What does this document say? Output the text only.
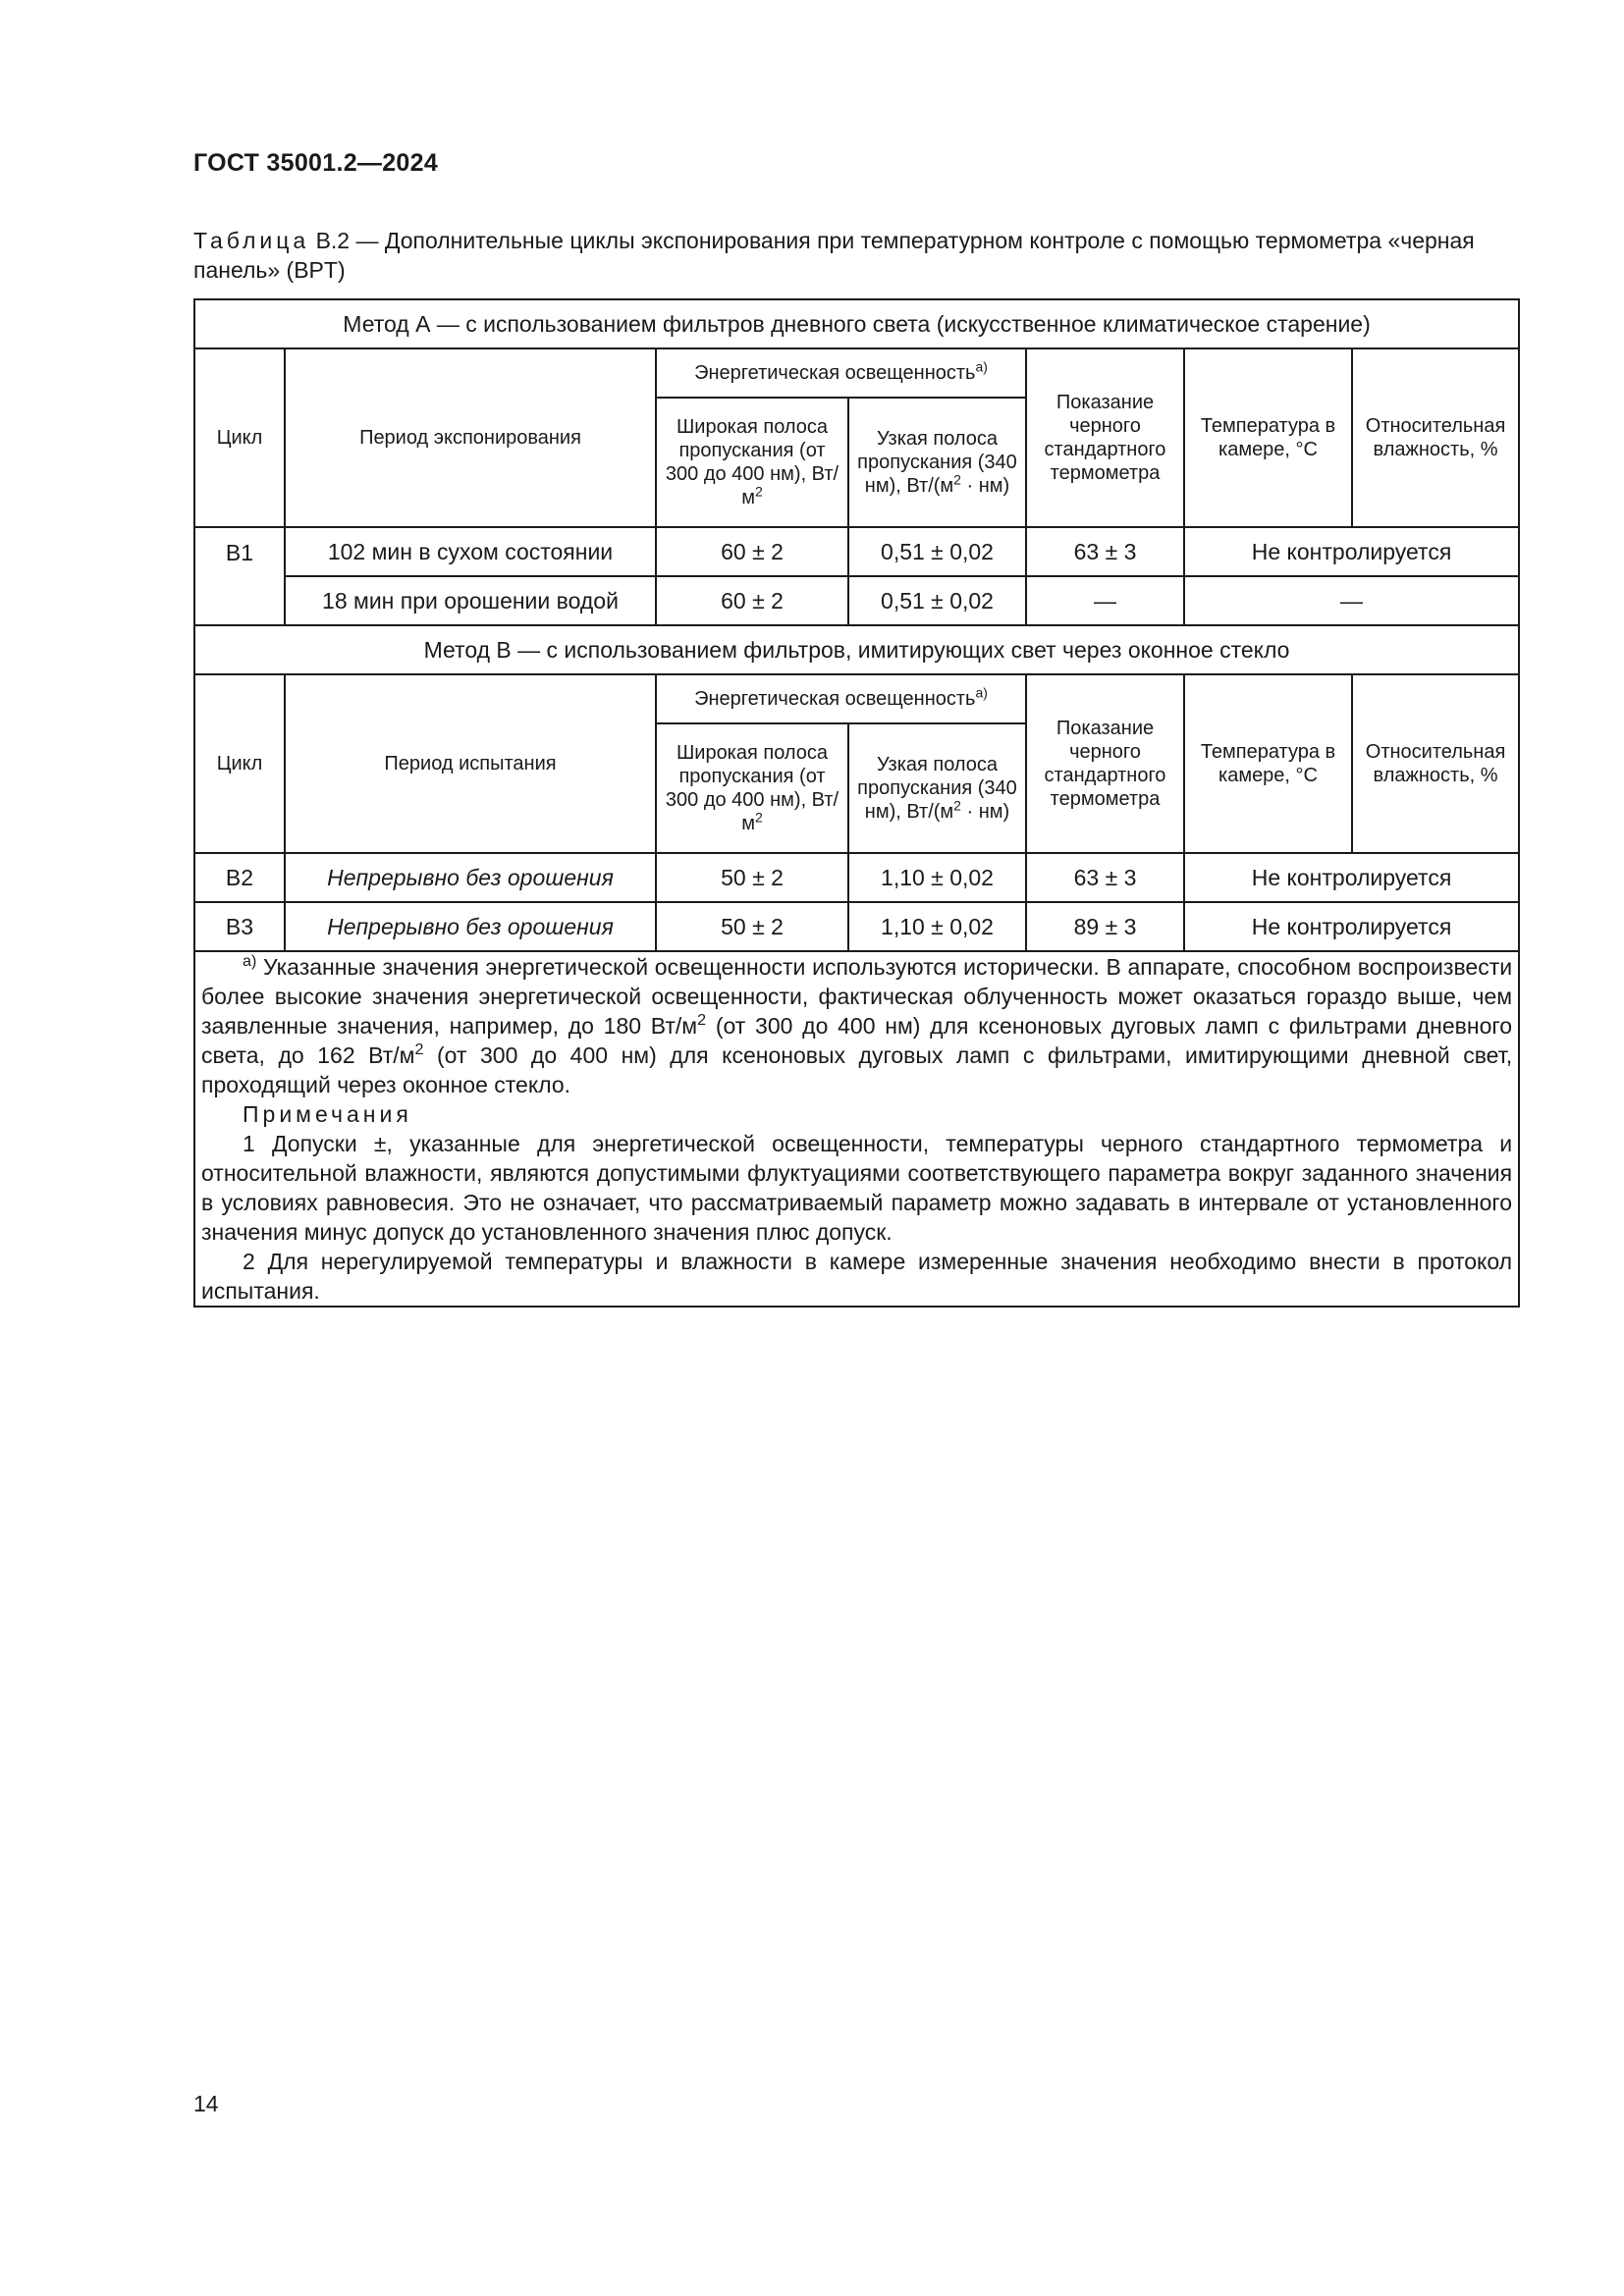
ГОСТ 35001.2—2024
Таблица В.2 — Дополнительные циклы экспонирования при температурном контроле с помощью термометра «черная панель» (BPT)
Метод А — с использованием фильтров дневного света (искусственное климатическое старение)						
Цикл	Период экспонирования	Энергетическая освещенность$^{а)}$		Показание черного стандартного термометра	Температура в камере, °С	Относительная влажность, %
		Широкая полоса пропускания (от 300 до 400 нм), $Вт/м^2$	Узкая полоса пропускания (340 нм), $Вт/(м^2 \cdot нм)$			
B1	102 мин в сухом состоянии	60 ± 2	0,51 ± 0,02	63 ± 3	Не контролируется	
	18 мин при орошении водой	60 ± 2	0,51 ± 0,02	—	—	
Метод В — с использованием фильтров, имитирующих свет через оконное стекло						
Цикл	Период испытания	Энергетическая освещенность$^{а)}$		Показание черного стандартного термометра	Температура в камере, °С	Относительная влажность, %
		Широкая полоса пропускания (от 300 до 400 нм), $Вт/м^2$	Узкая полоса пропускания (340 нм), $Вт/(м^2 \cdot нм)$			
B2	Непрерывно без орошения	50 ± 2	1,10 ± 0,02	63 ± 3	Не контролируется	
B3	Непрерывно без орошения	50 ± 2	1,10 ± 0,02	89 ± 3	Не контролируется	

$^{а)}$ Указанные значения энергетической освещенности используются исторически. В аппарате, способном воспроизвести более высокие значения энергетической освещенности, фактическая облученность может оказаться гораздо выше, чем заявленные значения, например, до 180 $Вт/м^2$ (от 300 до 400 нм) для ксеноновых дуговых ламп с фильтрами дневного света, до 162 $Вт/м^2$ (от 300 до 400 нм) для ксеноновых дуговых ламп с фильтрами, имитирующими дневной свет, проходящий через оконное стекло.

Примечания

1 Допуски ±, указанные для энергетической освещенности, температуры черного стандартного термометра и относительной влажности, являются допустимыми флуктуациями соответствующего параметра вокруг заданного значения в условиях равновесия. Это не означает, что рассматриваемый параметр можно задавать в интервале от установленного значения минус допуск до установленного значения плюс допуск.

2 Для нерегулируемой температуры и влажности в камере измеренные значения необходимо внести в протокол испытания.						

14
